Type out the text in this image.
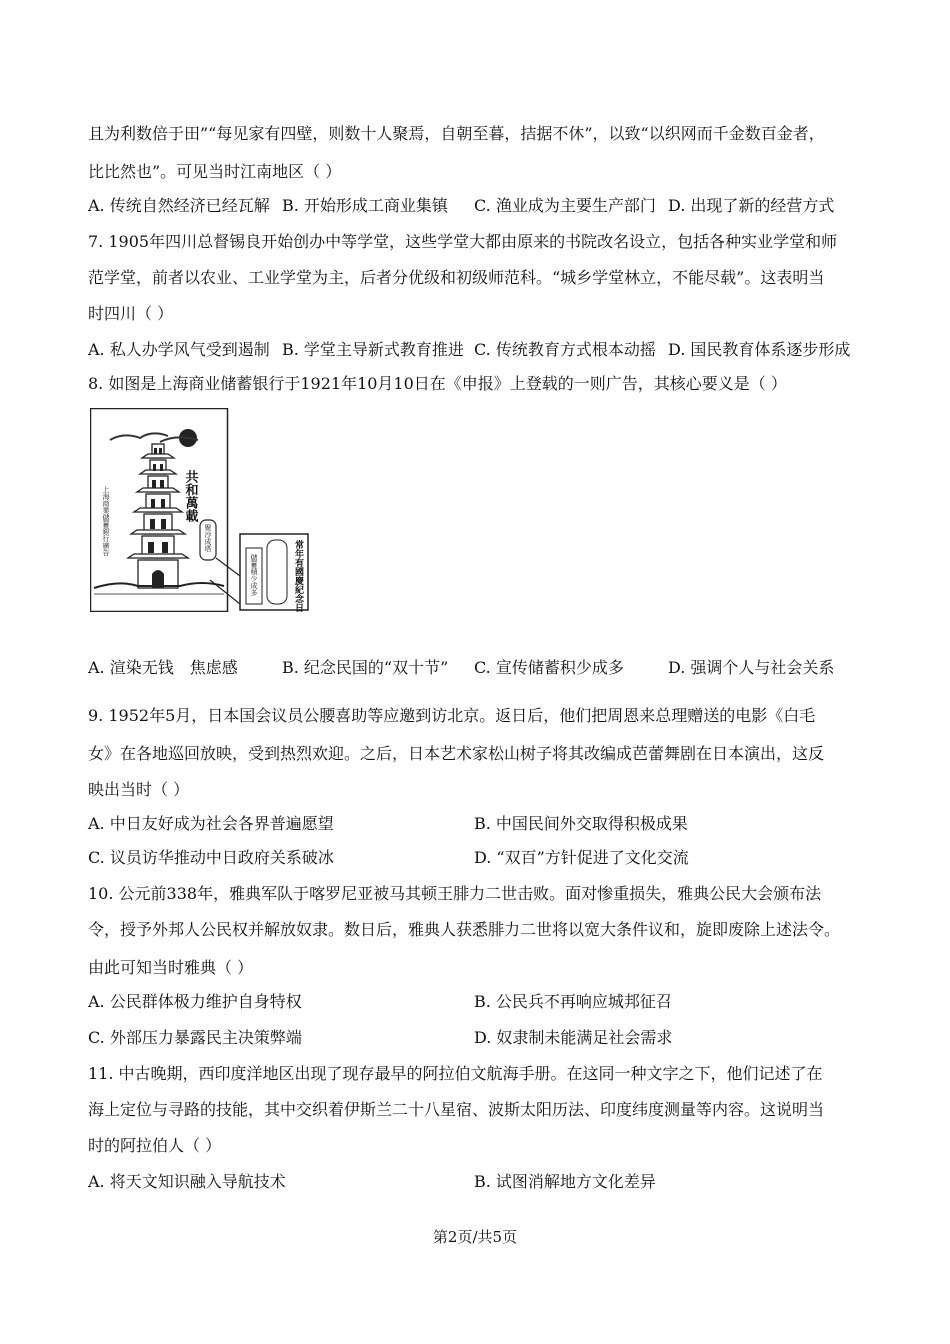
且为利数倍于田”“每见家有四壁，则数十人聚焉，自朝至暮，拮据不休”，以致“以织网而千金数百金者，
比比然也”。可见当时江南地区（ ）
A. 传统自然经济已经瓦解 B. 开始形成工商业集镇 C. 渔业成为主要生产部门 D. 出现了新的经营方式
7. 1905年四川总督锡良开始创办中等学堂，这些学堂大都由原来的书院改名设立，包括各种实业学堂和师
范学堂，前者以农业、工业学堂为主，后者分优级和初级师范科。“城乡学堂林立，不能尽载”。这表明当
时四川（ ）
A. 私人办学风气受到遏制 B. 学堂主导新式教育推进 C. 传统教育方式根本动摇 D. 国民教育体系逐步形成
8. 如图是上海商业储蓄银行于1921年10月10日在《申报》上登载的一则广告，其核心要义是（ ）
共和萬載
上海商業儲蓄銀行廣告	聚沙成塔
儲蓄積少成多	常年有國慶紀念日
A. 渲染无钱　焦虑感	B. 纪念民国的“双十节” C. 宣传储蓄积少成多	D. 强调个人与社会关系
9. 1952年5月，日本国会议员公腰喜助等应邀到访北京。返日后，他们把周恩来总理赠送的电影《白毛
女》在各地巡回放映，受到热烈欢迎。之后，日本艺术家松山树子将其改编成芭蕾舞剧在日本演出，这反
映出当时（ ）
A. 中日友好成为社会各界普遍愿望	B. 中国民间外交取得积极成果
C. 议员访华推动中日政府关系破冰	D. “双百”方针促进了文化交流
10. 公元前338年，雅典军队于喀罗尼亚被马其顿王腓力二世击败。面对惨重损失，雅典公民大会颁布法
令，授予外邦人公民权并解放奴隶。数日后，雅典人获悉腓力二世将以宽大条件议和，旋即废除上述法令。
由此可知当时雅典（ ）
A. 公民群体极力维护自身特权	B. 公民兵不再响应城邦征召
C. 外部压力暴露民主决策弊端	D. 奴隶制未能满足社会需求
11. 中古晚期，西印度洋地区出现了现存最早的阿拉伯文航海手册。在这同一种文字之下，他们记述了在
海上定位与寻路的技能，其中交织着伊斯兰二十八星宿、波斯太阳历法、印度纬度测量等内容。这说明当
时的阿拉伯人（ ）
A. 将天文知识融入导航技术	B. 试图消解地方文化差异
第2页/共5页
